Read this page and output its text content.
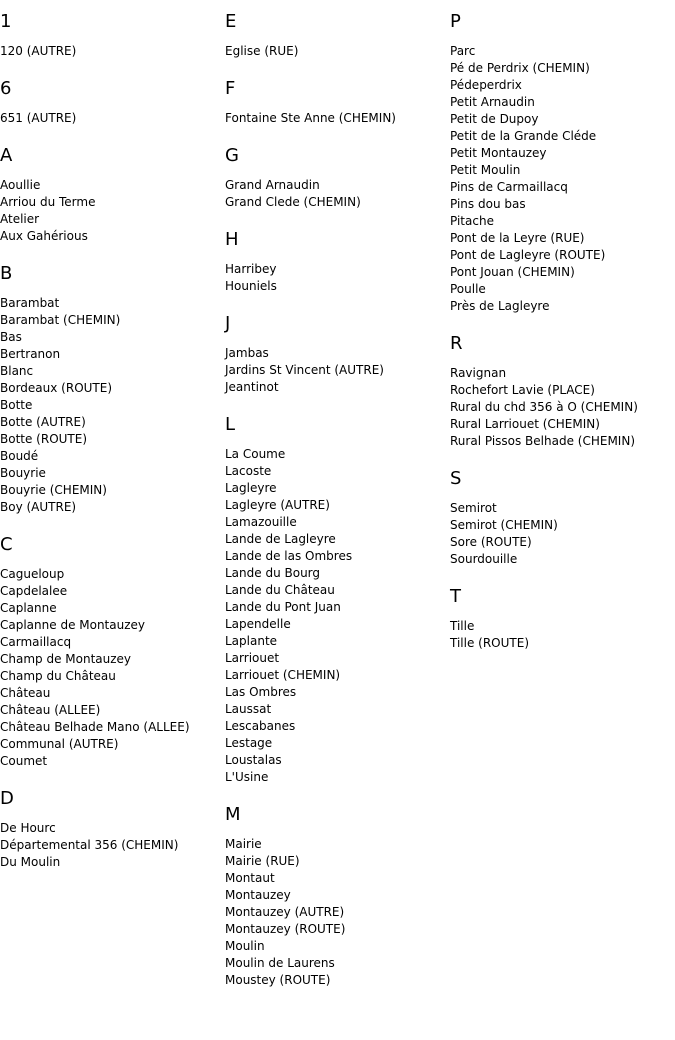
1
120 (AUTRE)
6
651 (AUTRE)
A
Aoullie
Arriou du Terme
Atelier
Aux Gahérious
B
Barambat
Barambat (CHEMIN)
Bas
Bertranon
Blanc
Bordeaux (ROUTE)
Botte
Botte (AUTRE)
Botte (ROUTE)
Boudé
Bouyrie
Bouyrie (CHEMIN)
Boy (AUTRE)
C
Cagueloup
Capdelalee
Caplanne
Caplanne de Montauzey
Carmaillacq
Champ de Montauzey
Champ du Château
Château
Château (ALLEE)
Château Belhade Mano (ALLEE)
Communal (AUTRE)
Coumet
D
De Hourc
Départemental 356 (CHEMIN)
Du Moulin
E
Eglise (RUE)
F
Fontaine Ste Anne (CHEMIN)
G
Grand Arnaudin
Grand Clede (CHEMIN)
H
Harribey
Houniels
J
Jambas
Jardins St Vincent (AUTRE)
Jeantinot
L
La Coume
Lacoste
Lagleyre
Lagleyre (AUTRE)
Lamazouille
Lande de Lagleyre
Lande de las Ombres
Lande du Bourg
Lande du Château
Lande du Pont Juan
Lapendelle
Laplante
Larriouet
Larriouet (CHEMIN)
Las Ombres
Laussat
Lescabanes
Lestage
Loustalas
L'Usine
M
Mairie
Mairie (RUE)
Montaut
Montauzey
Montauzey (AUTRE)
Montauzey (ROUTE)
Moulin
Moulin de Laurens
Moustey (ROUTE)
P
Parc
Pé de Perdrix (CHEMIN)
Pédeperdrix
Petit Arnaudin
Petit de Dupoy
Petit de la Grande Cléde
Petit Montauzey
Petit Moulin
Pins de Carmaillacq
Pins dou bas
Pitache
Pont de la Leyre (RUE)
Pont de Lagleyre (ROUTE)
Pont Jouan (CHEMIN)
Poulle
Près de Lagleyre
R
Ravignan
Rochefort Lavie (PLACE)
Rural du chd 356 à O (CHEMIN)
Rural Larriouet (CHEMIN)
Rural Pissos Belhade (CHEMIN)
S
Semirot
Semirot (CHEMIN)
Sore (ROUTE)
Sourdouille
T
Tille
Tille (ROUTE)
